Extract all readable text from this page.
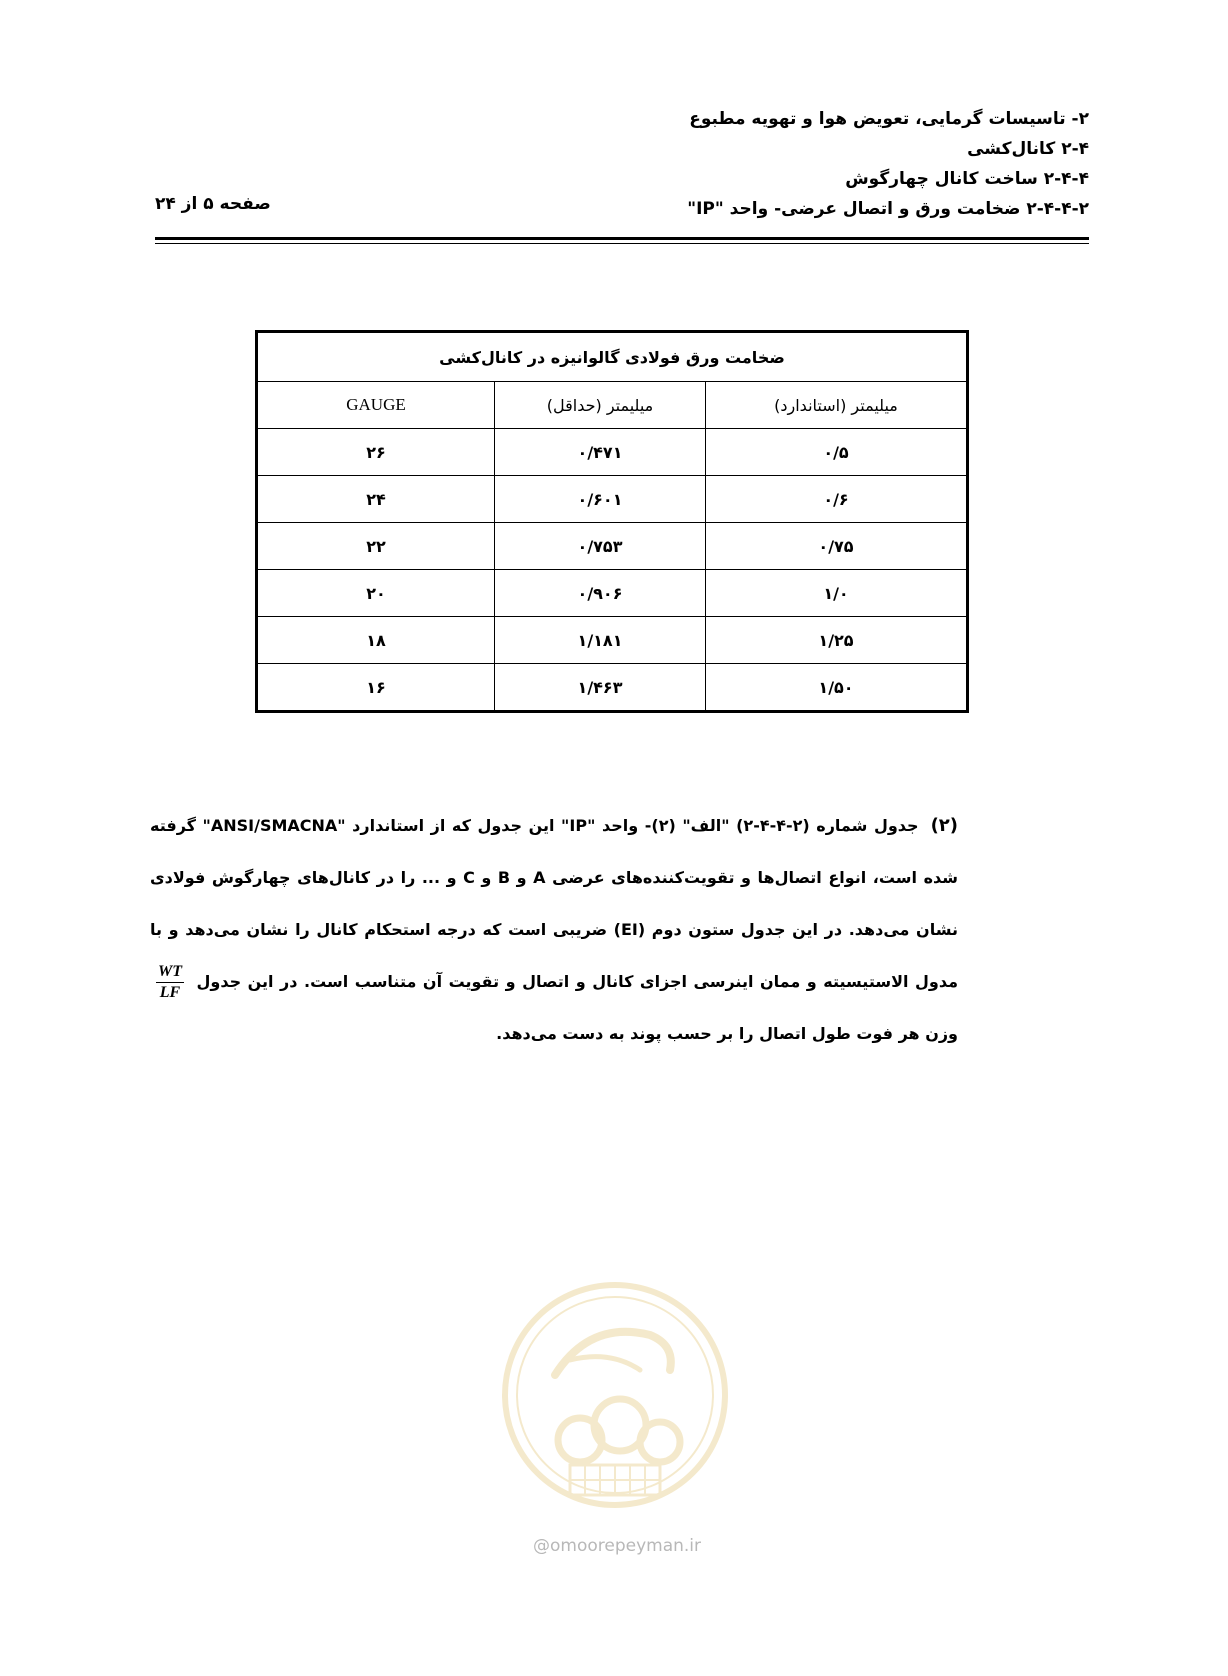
۲- تاسیسات گرمایی، تعویض هوا و تهویه مطبوع
۲-۴ کانال‌کشی
۲-۴-۴ ساخت کانال چهارگوش
۲-۴-۴-۲ ضخامت ورق و اتصال عرضی- واحد "IP"
صفحه ۵ از ۲۴
ضخامت ورق فولادی گالوانیزه در کانال‌کشی		
میلیمتر (استاندارد)	میلیمتر (حداقل)	GAUGE
۰/۵	۰/۴۷۱	۲۶
۰/۶	۰/۶۰۱	۲۴
۰/۷۵	۰/۷۵۳	۲۲
۱/۰	۰/۹۰۶	۲۰
۱/۲۵	۱/۱۸۱	۱۸
۱/۵۰	۱/۴۶۳	۱۶

(۲)جدول شماره (۲-۴-۴-۲) "الف" (۲)- واحد "IP" این جدول که از استاندارد "ANSI/SMACNA" گرفته شده است، انواع اتصال‌ها و تقویت‌کننده‌های عرضی A و B و C و ... را در کانال‌های چهارگوش فولادی نشان می‌دهد. در این جدول ستون دوم (EI) ضریبی است که درجه استحکام کانال را نشان می‌دهد و با مدول الاستیسیته و ممان اینرسی اجزای کانال و اتصال و تقویت آن متناسب است. در این جدول
$\frac{WT}{LF}$
وزن هر فوت طول اتصال را بر حسب پوند به دست می‌دهد.

@omoorepeyman.ir
